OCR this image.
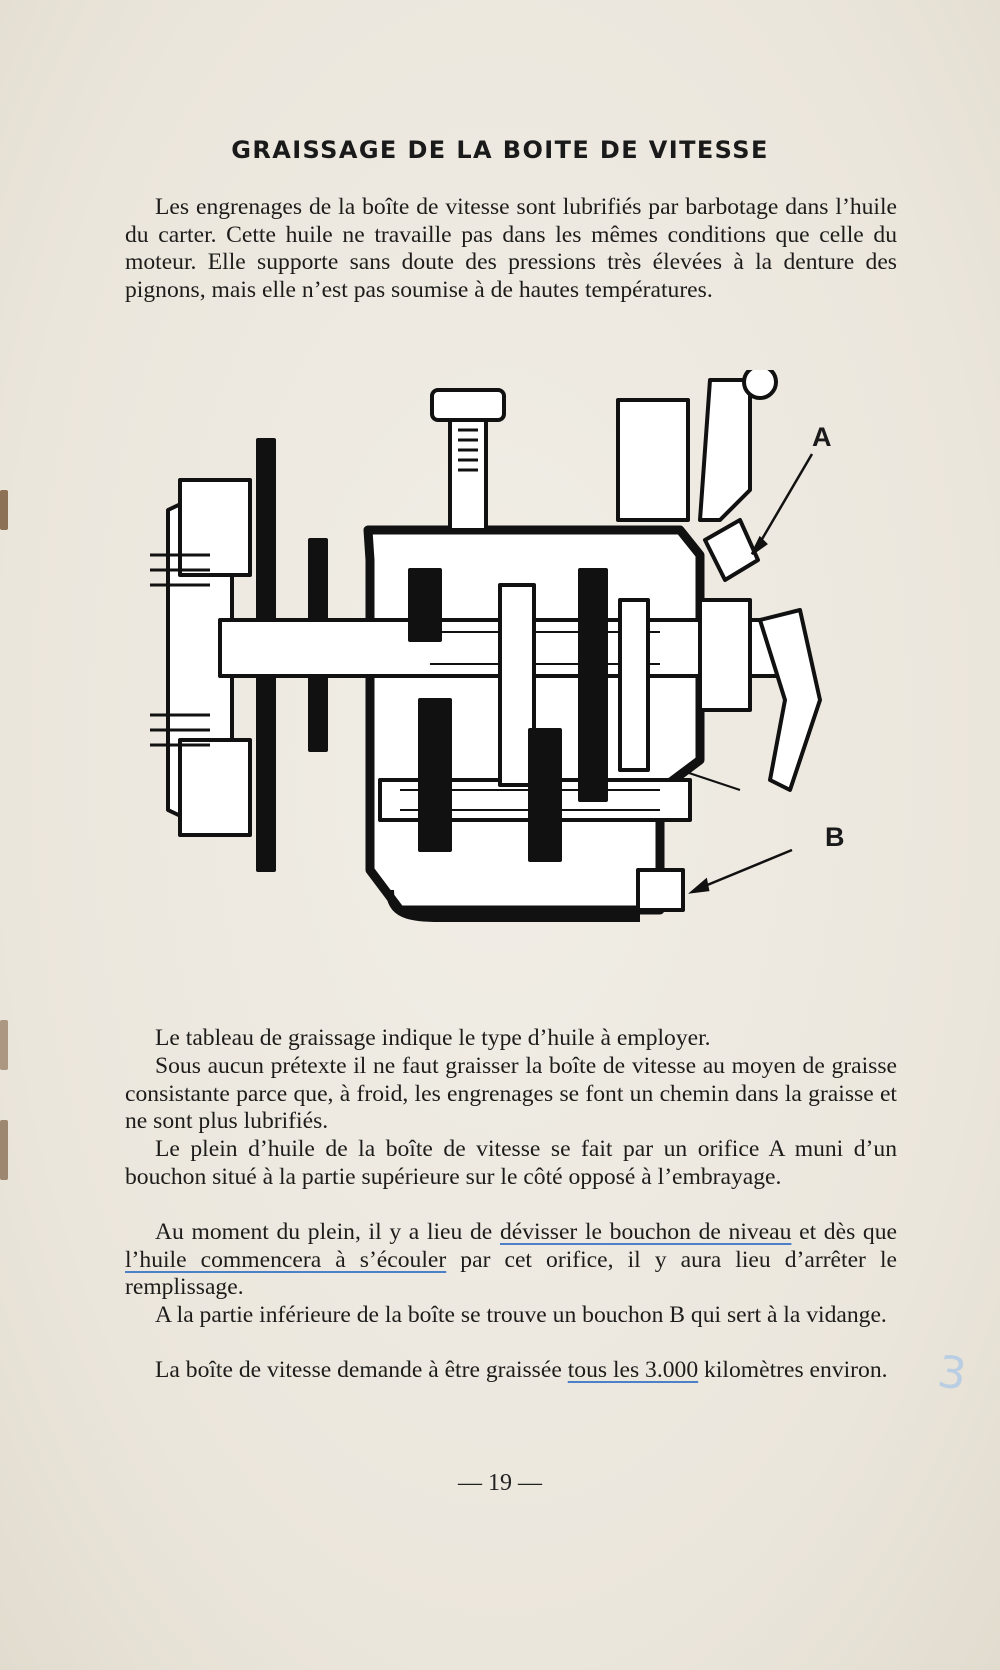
GRAISSAGE DE LA BOITE DE VITESSE

Les engrenages de la boîte de vitesse sont lubrifiés par barbotage dans l’huile du carter. Cette huile ne travaille pas dans les mêmes conditions que celle du moteur. Elle supporte sans doute des pressions très élevées à la denture des pignons, mais elle n’est pas soumise à de hautes températures.

A
B

Le tableau de graissage indique le type d’huile à employer.

Sous aucun prétexte il ne faut graisser la boîte de vitesse au moyen de graisse consistante parce que, à froid, les engrenages se font un chemin dans la graisse et ne sont plus lubrifiés.

Le plein d’huile de la boîte de vitesse se fait par un orifice A muni d’un bouchon situé à la partie supérieure sur le côté opposé à l’embrayage.

Au moment du plein, il y a lieu de dévisser le bouchon de niveau et dès que l’huile commencera à s’écouler par cet orifice, il y aura lieu d’arrêter le remplissage.

A la partie inférieure de la boîte se trouve un bouchon B qui sert à la vidange.

La boîte de vitesse demande à être graissée tous les 3.000 kilomètres environ.

— 19 —
3
